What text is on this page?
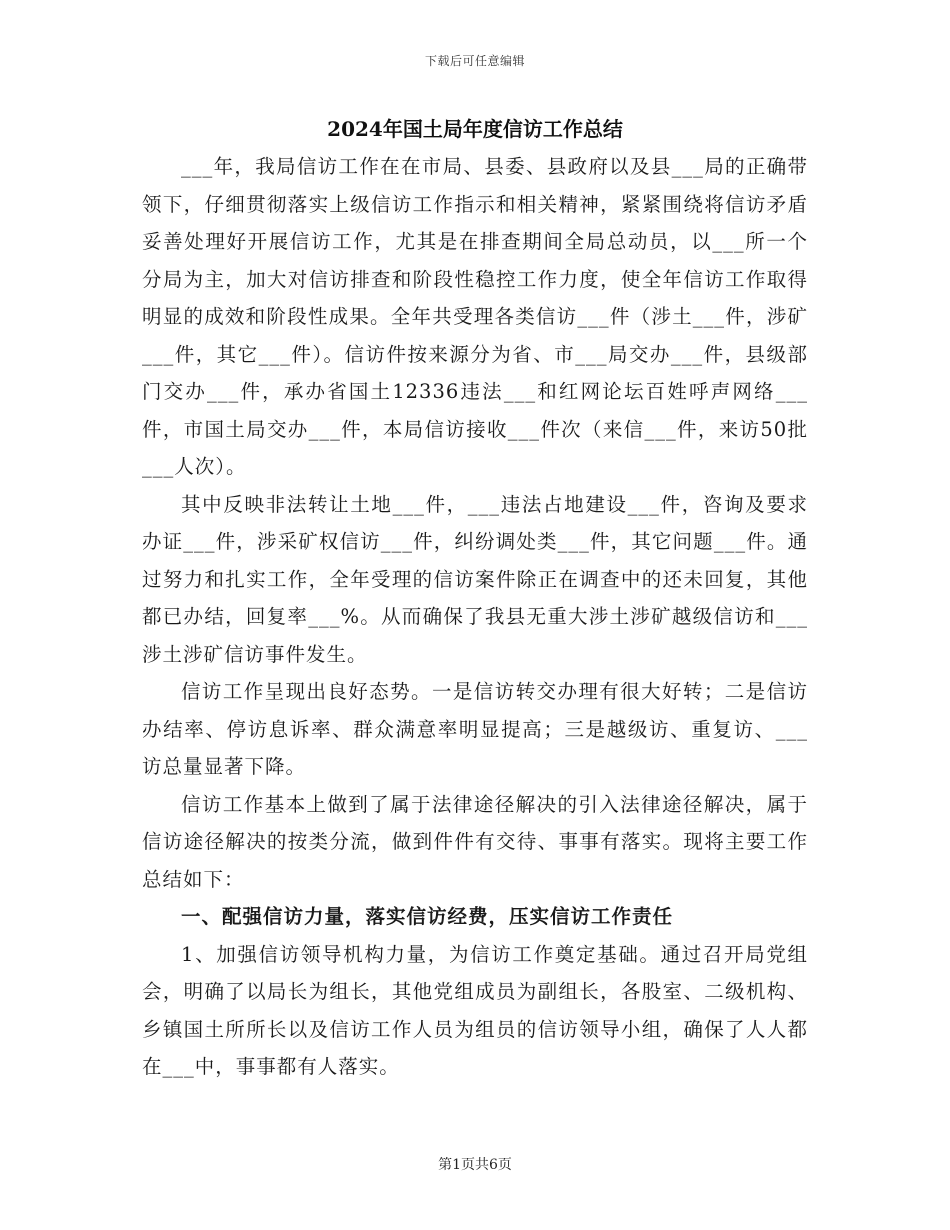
下载后可任意编辑
2024年国土局年度信访工作总结

___年，我局信访工作在在市局、县委、县政府以及县___局的正确带领下，仔细贯彻落实上级信访工作指示和相关精神，紧紧围绕将信访矛盾妥善处理好开展信访工作，尤其是在排查期间全局总动员，以___所一个分局为主，加大对信访排查和阶段性稳控工作力度，使全年信访工作取得明显的成效和阶段性成果。全年共受理各类信访___件（涉土___件，涉矿___件，其它___件）。信访件按来源分为省、市___局交办___件，县级部门交办___件，承办省国土12336违法___和红网论坛百姓呼声网络___件，市国土局交办___件，本局信访接收___件次（来信___件，来访50批___人次）。

其中反映非法转让土地___件，___违法占地建设___件，咨询及要求办证___件，涉采矿权信访___件，纠纷调处类___件，其它问题___件。通过努力和扎实工作，全年受理的信访案件除正在调查中的还未回复，其他都已办结，回复率___%。从而确保了我县无重大涉土涉矿越级信访和___涉土涉矿信访事件发生。

信访工作呈现出良好态势。一是信访转交办理有很大好转；二是信访办结率、停访息诉率、群众满意率明显提高；三是越级访、重复访、___访总量显著下降。

信访工作基本上做到了属于法律途径解决的引入法律途径解决，属于信访途径解决的按类分流，做到件件有交待、事事有落实。现将主要工作总结如下：

一、配强信访力量，落实信访经费，压实信访工作责任

1、加强信访领导机构力量，为信访工作奠定基础。通过召开局党组会，明确了以局长为组长，其他党组成员为副组长，各股室、二级机构、乡镇国土所所长以及信访工作人员为组员的信访领导小组，确保了人人都在___中，事事都有人落实。

第1页共6页
